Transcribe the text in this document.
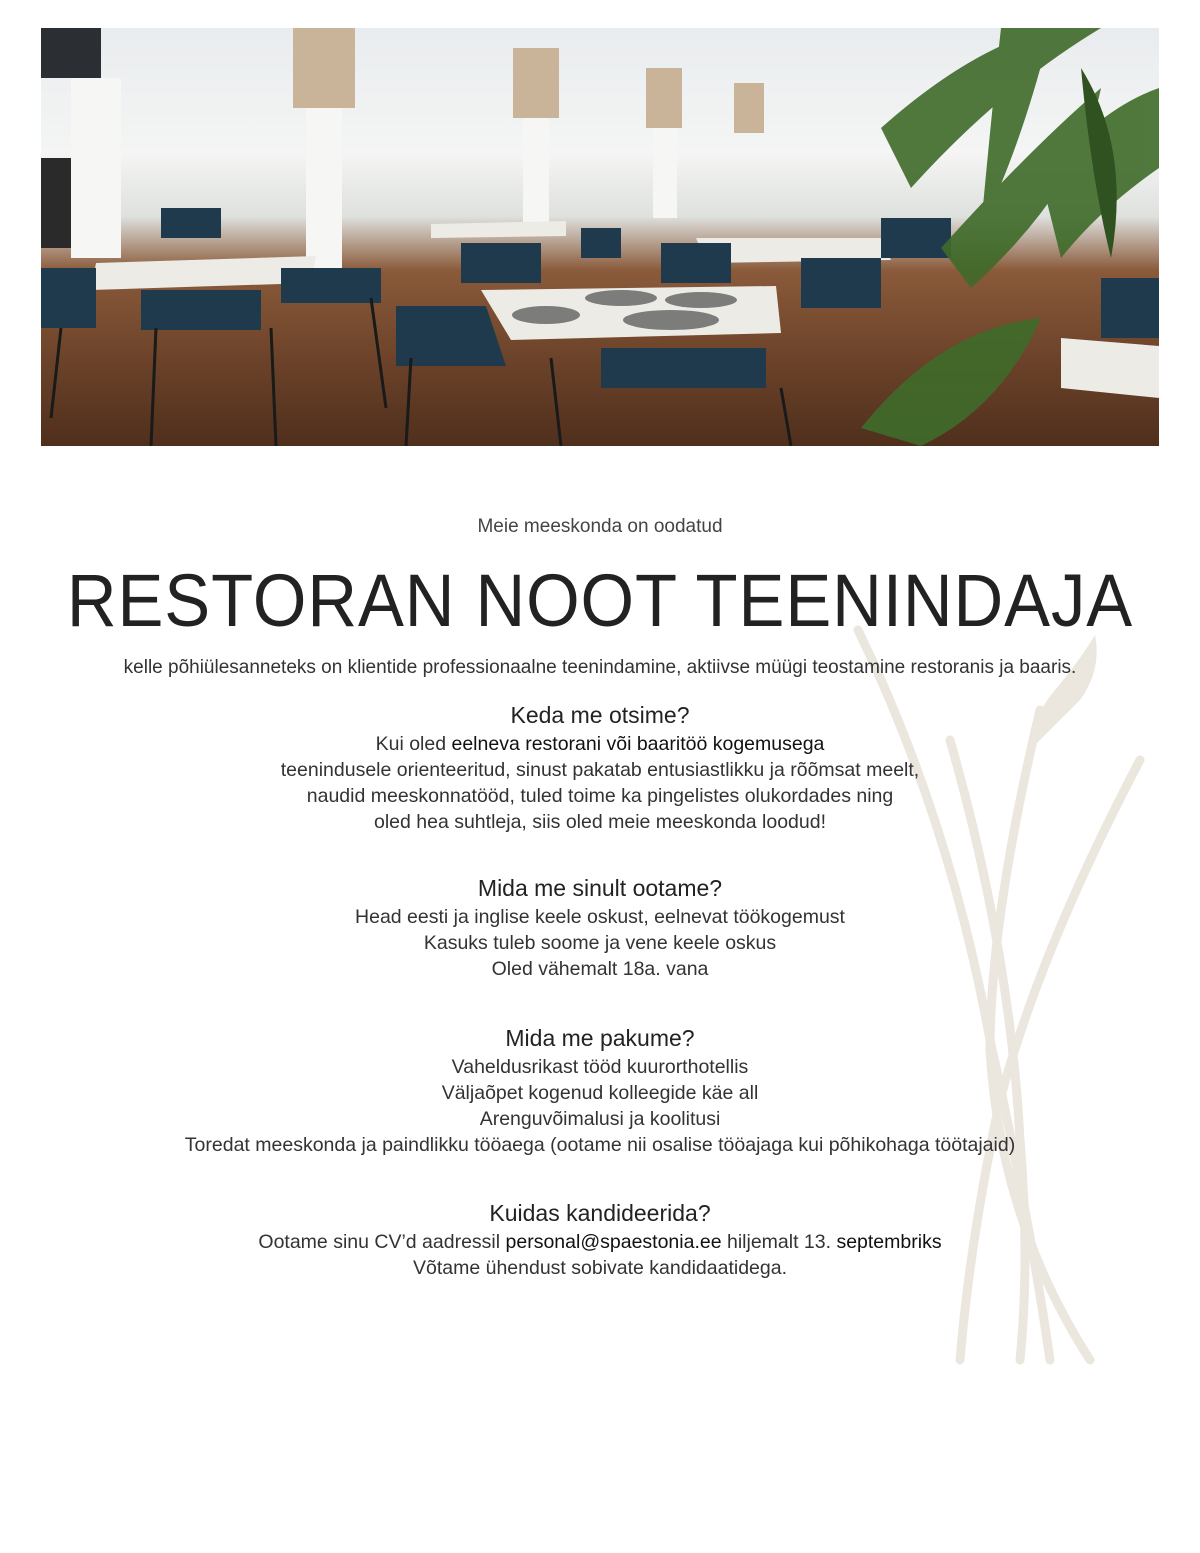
Meie meeskonda on oodatud
RESTORAN NOOT TEENINDAJA
kelle põhiülesanneteks on klientide professionaalne teenindamine, aktiivse müügi teostamine restoranis ja baaris.
Keda me otsime?
Kui oled eelneva restorani või baaritöö kogemusega
teenindusele orienteeritud, sinust pakatab entusiastlikku ja rõõmsat meelt,
naudid meeskonnatööd, tuled toime ka pingelistes olukordades ning
oled hea suhtleja, siis oled meie meeskonda loodud!
Mida me sinult ootame?
Head eesti ja inglise keele oskust, eelnevat töökogemust
Kasuks tuleb soome ja vene keele oskus
Oled vähemalt 18a. vana
Mida me pakume?
Vaheldusrikast tööd kuurorthotellis
Väljaõpet kogenud kolleegide käe all
Arenguvõimalusi ja koolitusi
Toredat meeskonda ja paindlikku tööaega (ootame nii osalise tööajaga kui põhikohaga töötajaid)
Kuidas kandideerida?
Ootame sinu CV’d aadressil personal@spaestonia.ee hiljemalt 13. septembriks
Võtame ühendust sobivate kandidaatidega.
